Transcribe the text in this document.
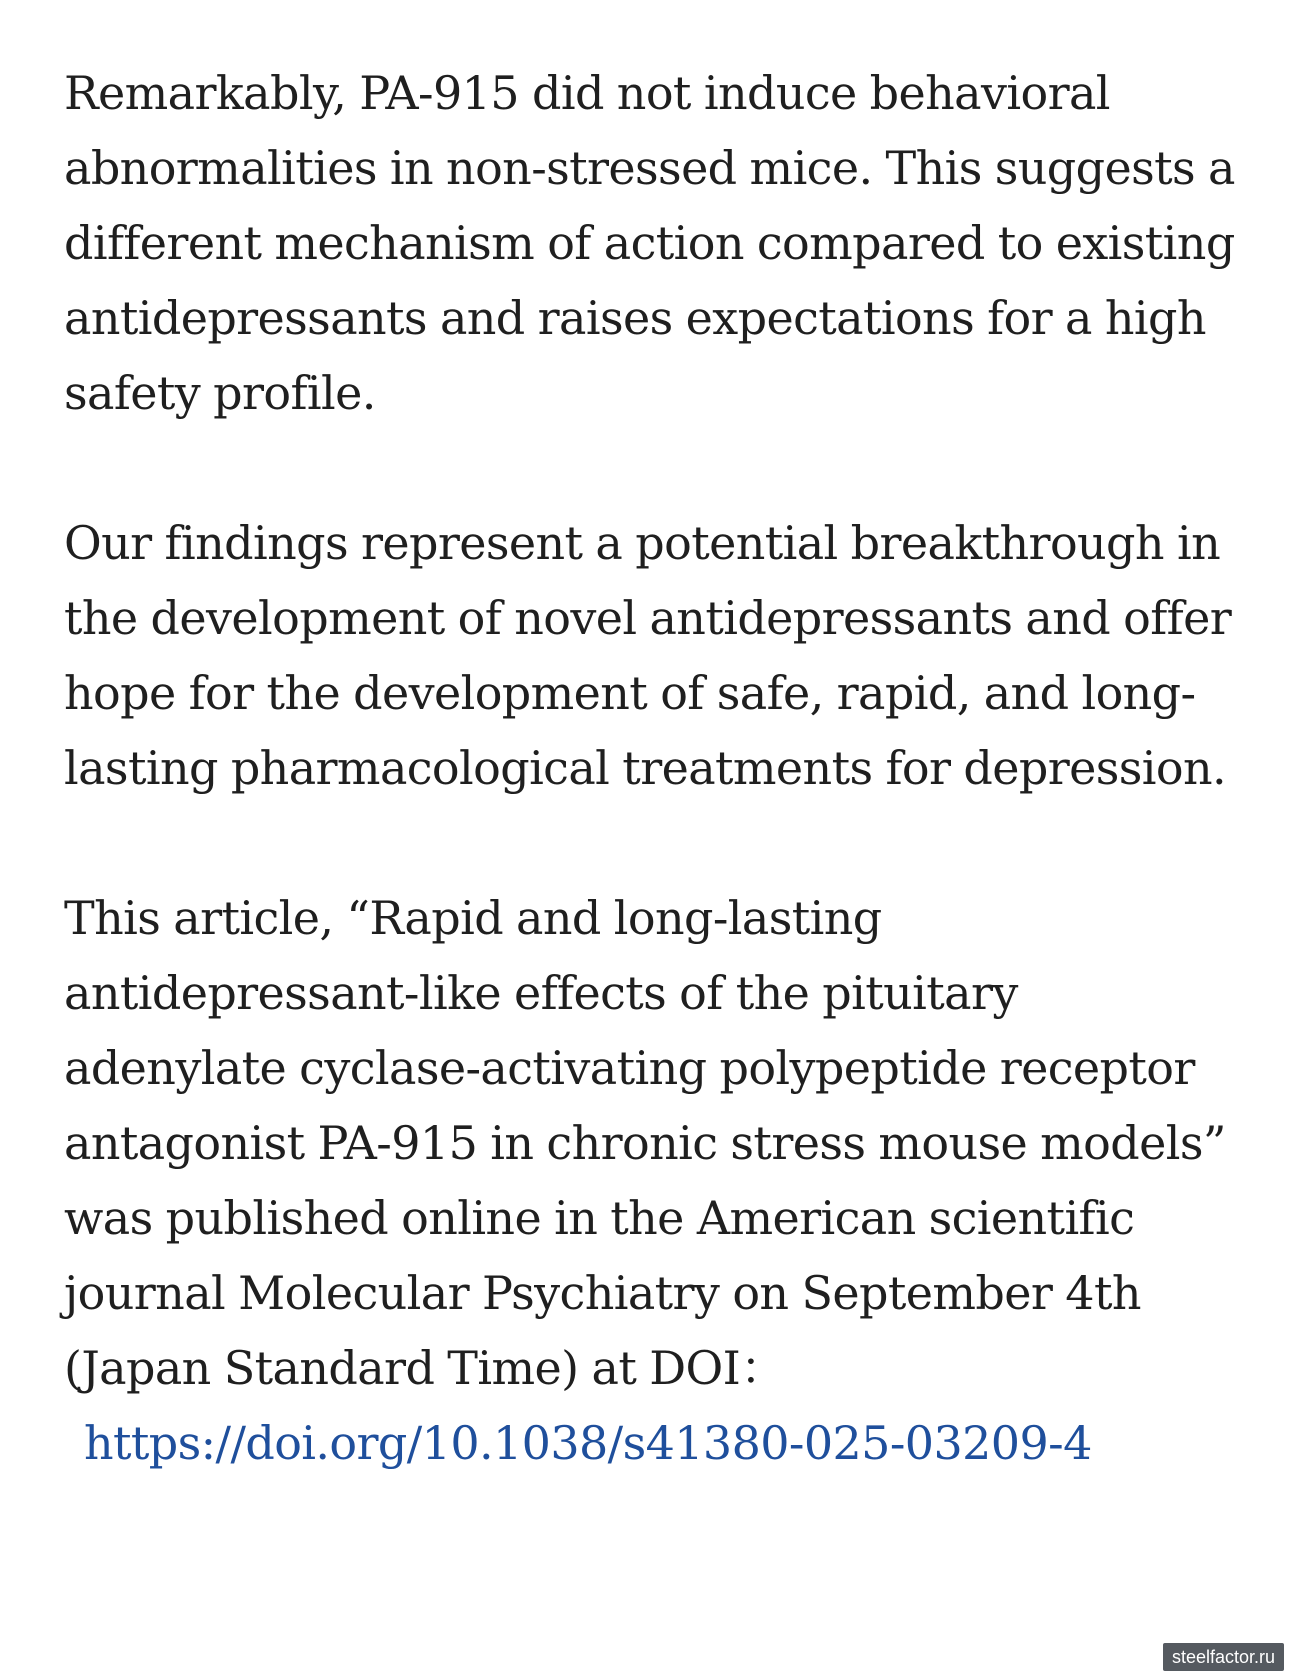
Remarkably, PA-915 did not induce behavioral abnormalities in non-stressed mice. This suggests a different mechanism of action compared to existing antidepressants and raises expectations for a high safety profile.

Our findings represent a potential breakthrough in the development of novel antidepressants and offer hope for the development of safe, rapid, and long-lasting pharmacological treatments for depression.

This article, “Rapid and long-lasting antidepressant-like effects of the pituitary adenylate cyclase-activating polypeptide receptor antagonist PA-915 in chronic stress mouse models” was published online in the American scientific journal Molecular Psychiatry on September 4th (Japan Standard Time) at DOI：https://doi.org/10.1038/s41380-025-03209-4

steelfactor.ru
